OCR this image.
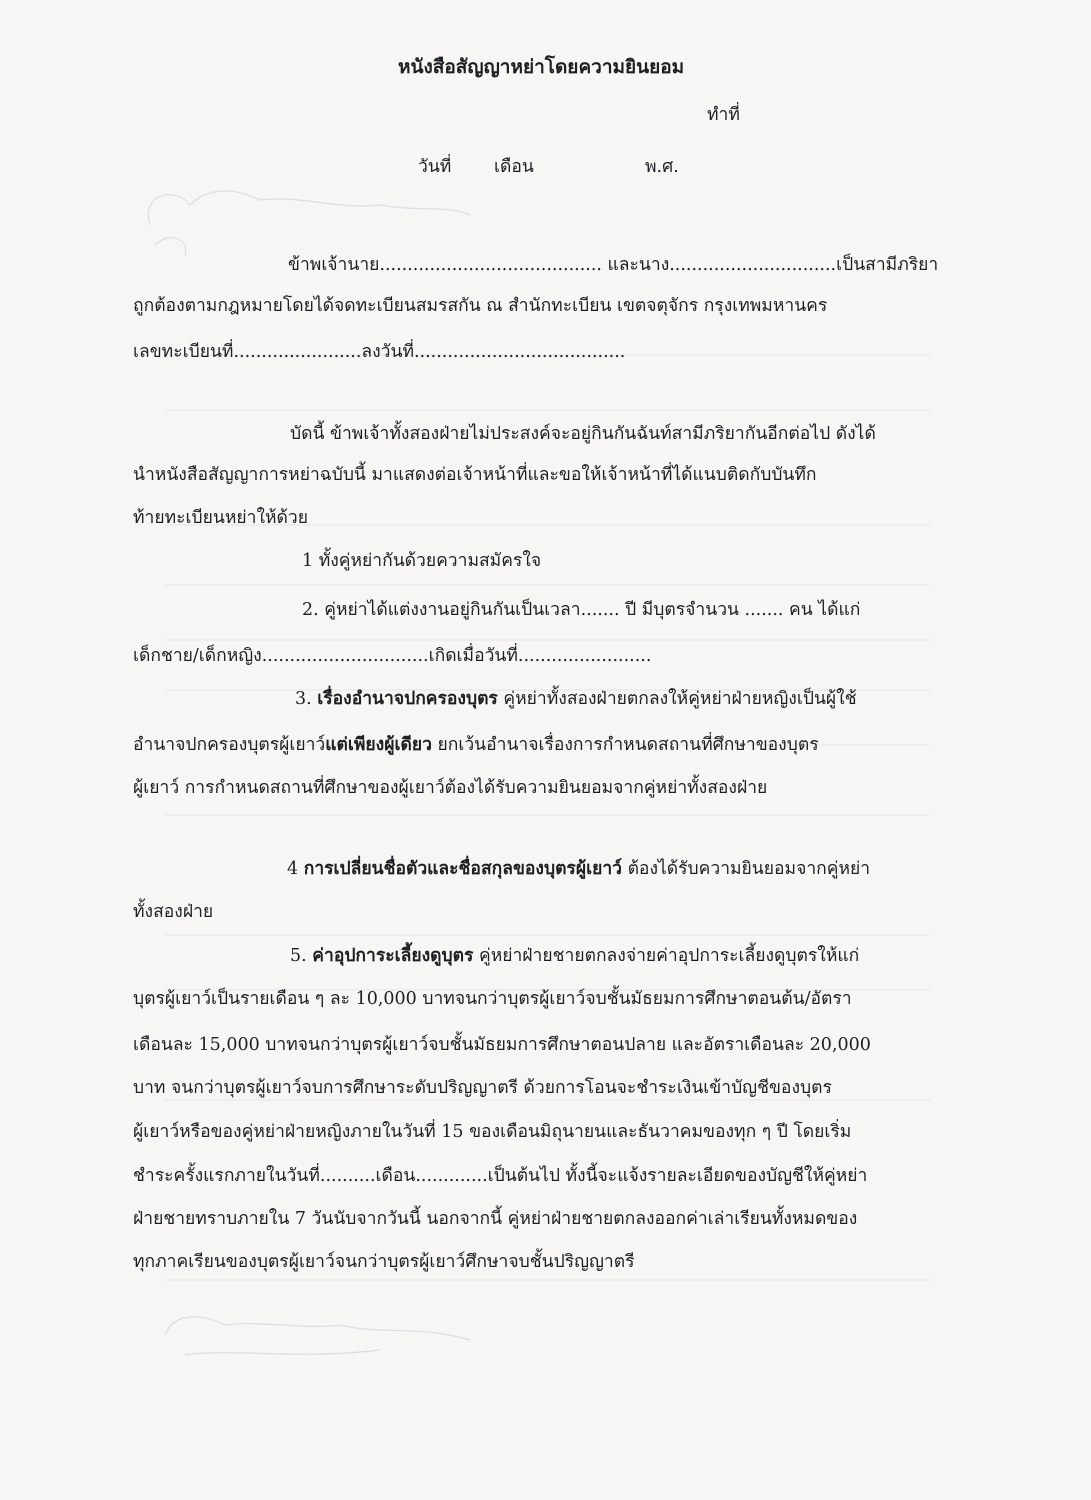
หนังสือสัญญาหย่าโดยความยินยอม
ทำที่
วันที่ เดือน	พ.ศ.
ข้าพเจ้านาย........................................ และนาง..............................เป็นสามีภริยา
ถูกต้องตามกฎหมายโดยได้จดทะเบียนสมรสกัน ณ สำนักทะเบียน เขตจตุจักร กรุงเทพมหานคร
เลขทะเบียนที่.......................ลงวันที่......................................
บัดนี้ ข้าพเจ้าทั้งสองฝ่ายไม่ประสงค์จะอยู่กินกันฉันท์สามีภริยากันอีกต่อไป ดังได้
นำหนังสือสัญญาการหย่าฉบับนี้ มาแสดงต่อเจ้าหน้าที่และขอให้เจ้าหน้าที่ได้แนบติดกับบันทึก
ท้ายทะเบียนหย่าให้ด้วย
1 ทั้งคู่หย่ากันด้วยความสมัครใจ
2. คู่หย่าได้แต่งงานอยู่กินกันเป็นเวลา....... ปี มีบุตรจำนวน ....... คน ได้แก่
เด็กชาย/เด็กหญิง..............................เกิดเมื่อวันที่........................
3. เรื่องอำนาจปกครองบุตร คู่หย่าทั้งสองฝ่ายตกลงให้คู่หย่าฝ่ายหญิงเป็นผู้ใช้
อำนาจปกครองบุตรผู้เยาว์แต่เพียงผู้เดียว ยกเว้นอำนาจเรื่องการกำหนดสถานที่ศึกษาของบุตร
ผู้เยาว์ การกำหนดสถานที่ศึกษาของผู้เยาว์ต้องได้รับความยินยอมจากคู่หย่าทั้งสองฝ่าย
4 การเปลี่ยนชื่อตัวและชื่อสกุลของบุตรผู้เยาว์ ต้องได้รับความยินยอมจากคู่หย่า
ทั้งสองฝ่าย
5. ค่าอุปการะเลี้ยงดูบุตร คู่หย่าฝ่ายชายตกลงจ่ายค่าอุปการะเลี้ยงดูบุตรให้แก่
บุตรผู้เยาว์เป็นรายเดือน ๆ ละ 10,000 บาทจนกว่าบุตรผู้เยาว์จบชั้นมัธยมการศึกษาตอนต้น/อัตรา
เดือนละ 15,000 บาทจนกว่าบุตรผู้เยาว์จบชั้นมัธยมการศึกษาตอนปลาย และอัตราเดือนละ 20,000
บาท จนกว่าบุตรผู้เยาว์จบการศึกษาระดับปริญญาตรี ด้วยการโอนจะชำระเงินเข้าบัญชีของบุตร
ผู้เยาว์หรือของคู่หย่าฝ่ายหญิงภายในวันที่ 15 ของเดือนมิถุนายนและธันวาคมของทุก ๆ ปี โดยเริ่ม
ชำระครั้งแรกภายในวันที่..........เดือน.............เป็นต้นไป ทั้งนี้จะแจ้งรายละเอียดของบัญชีให้คู่หย่า
ฝ่ายชายทราบภายใน 7 วันนับจากวันนี้ นอกจากนี้ คู่หย่าฝ่ายชายตกลงออกค่าเล่าเรียนทั้งหมดของ
ทุกภาคเรียนของบุตรผู้เยาว์จนกว่าบุตรผู้เยาว์ศึกษาจบชั้นปริญญาตรี
